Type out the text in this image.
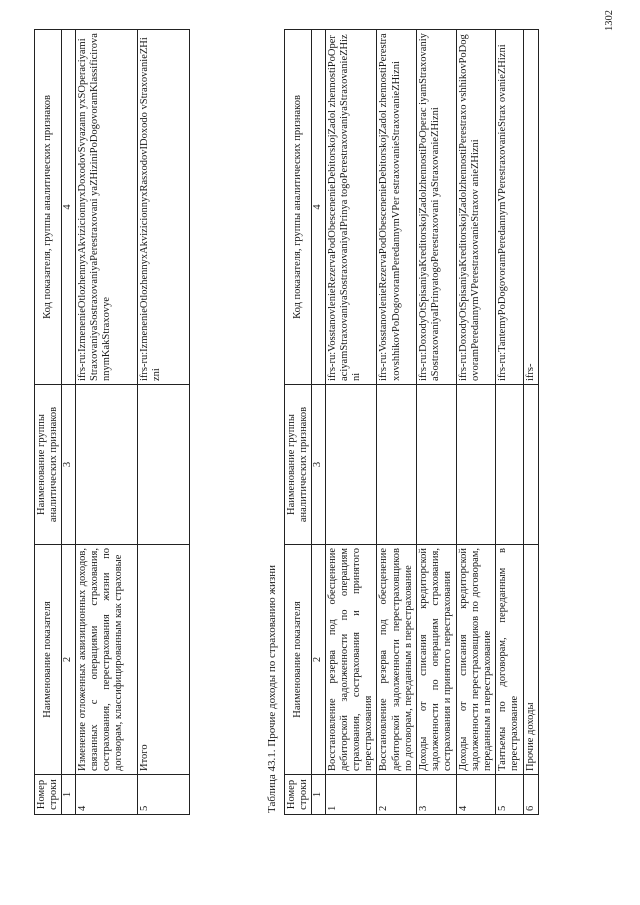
Номер строки	Наименование показателя	Наименование группы аналитических признаков	Код показателя, группы аналитических признаков
1	2	3	4
4	Изменение отложенных аквизиционных доходов, связанных с операциями страхования, сострахования, перестрахования жизни по договорам, классифицированным как страховые		ifrs-ru:IzmenenieOtlozhennyxAkvizicionnyxDoxodovSvyazann yxSOperaciyamiStraxovaniyaSostraxovaniyaPerestraxovani yaZHiziniPoDogovoramKlassificirovannymKakStraxovye
5	Итого		ifrs-ru:IzmenenieOtlozhennyxAkvizicionnyxRasxodovIDoxodo vStraxovanieZHizni
Таблица 43.1. Прочие доходы по страхованию жизни Номер строки	Наименование показателя	Наименование группы аналитических признаков	Код показателя, группы аналитических признаков
1	2	3	4
1	Восстановление резерва под обесценение дебиторской задолженности по операциям страхования, сострахования и принятого перестрахования		ifrs-ru:VosstanovlenieRezervaPodObesceneniеDebitorskojZadol zhennostiPoOperaciyamStraxovaniyaSostraxovaniyaIPrinya togoPerestraxovaniyaStraxovanieZHizni
2	Восстановление резерва под обесценение дебиторской задолженности перестраховщиков по договорам, переданным в перестрахование		ifrs-ru:VosstanovlenieRezervaPodObesceneniеDebitorskojZadol zhennostiPerestraxovshhikovPoDogovoramPeredannymVPer estraxovanieStraxovanieZHizni
3	Доходы от списания кредиторской задолженности по операциям страхования, сострахования и принятого перестрахования		ifrs-ru:DoxodyOtSpisaniyaKreditorskojZadolzhennostiPoOperac iyamStraxovaniyaSostraxovaniyaIPrinyatogoPerestraxovani yaStraxovanieZHizni
4	Доходы от списания кредиторской задолженности перестраховщиков по договорам, переданным в перестрахование		ifrs-ru:DoxodyOtSpisaniyaKreditorskojZadolzhennostiPerestraxo vshhikovPoDogovoramPeredannymVPerestraxovanieStraxov anieZHizni
5	Тантьемы по договорам, переданным в перестрахование		ifrs-ru:TantemyPoDogovoramPeredannymVPerestraxovanieStrax ovanieZHizni
6	Прочие доходы		ifrs-
1302
